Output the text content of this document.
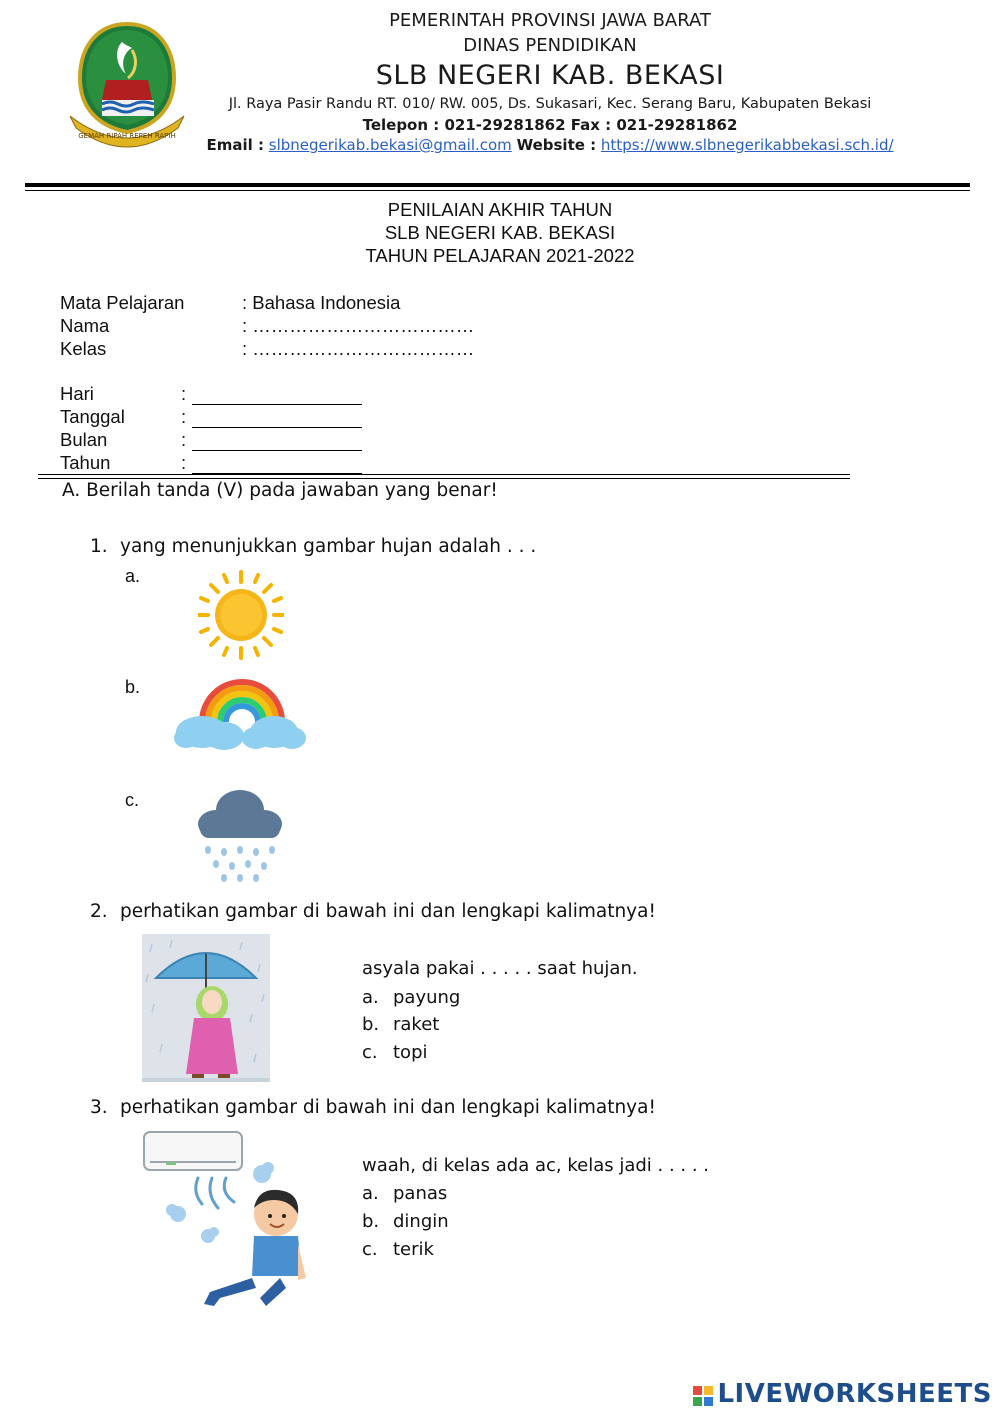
GEMAH RIPAH REPEH RAPIH
PEMERINTAH PROVINSI JAWA BARAT
DINAS PENDIDIKAN
SLB NEGERI KAB. BEKASI
Jl. Raya Pasir Randu RT. 010/ RW. 005, Ds. Sukasari, Kec. Serang Baru, Kabupaten Bekasi
Telepon : 021-29281862 Fax : 021-29281862
Email : slbnegerikab.bekasi@gmail.com Website : https://www.slbnegerikabbekasi.sch.id/
PENILAIAN AKHIR TAHUN
SLB NEGERI KAB. BEKASI
TAHUN PELAJARAN 2021-2022
Mata Pelajaran	: Bahasa Indonesia
Nama	: ………………………………
Kelas	: ………………………………
Hari	:
Tanggal	:
Bulan	:
Tahun	:
A. Berilah tanda (V) pada jawaban yang benar!
1. yang menunjukkan gambar hujan adalah . . .
a.
b.
c.
2. perhatikan gambar di bawah ini dan lengkapi kalimatnya!
asyala pakai . . . . . saat hujan.
a. payung
b. raket
c. topi
3. perhatikan gambar di bawah ini dan lengkapi kalimatnya!
waah, di kelas ada ac, kelas jadi . . . . .
a. panas
b. dingin
c. terik
LIVEWORKSHEETS
